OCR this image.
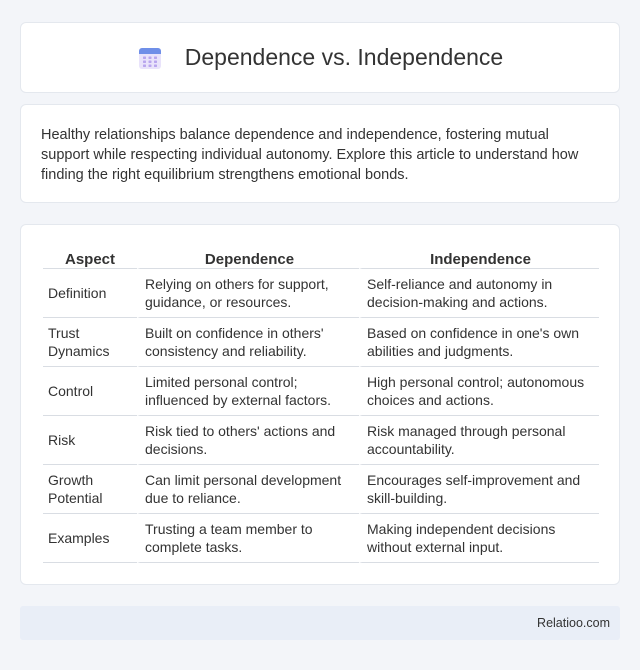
Dependence vs. Independence

Healthy relationships balance dependence and independence, fostering mutual support while respecting individual autonomy. Explore this article to understand how finding the right equilibrium strengthens emotional bonds.

Aspect	Dependence	Independence
Definition	Relying on others for support, guidance, or resources.	Self-reliance and autonomy in decision-making and actions.
Trust Dynamics	Built on confidence in others' consistency and reliability.	Based on confidence in one's own abilities and judgments.
Control	Limited personal control; influenced by external factors.	High personal control; autonomous choices and actions.
Risk	Risk tied to others' actions and decisions.	Risk managed through personal accountability.
Growth Potential	Can limit personal development due to reliance.	Encourages self-improvement and skill-building.
Examples	Trusting a team member to complete tasks.	Making independent decisions without external input.
Relatioo.com
